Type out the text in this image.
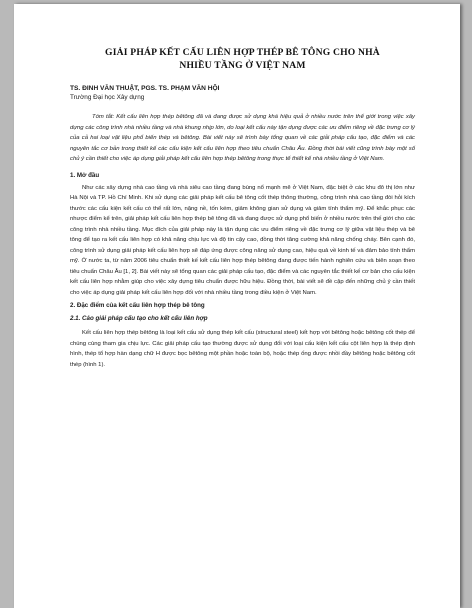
GIẢI PHÁP KẾT CẤU LIÊN HỢP THÉP BÊ TÔNG CHO NHÀ
NHIỀU TẦNG Ở VIỆT NAM

TS. ĐINH VĂN THUẬT, PGS. TS. PHẠM VĂN HỘI

Trường Đại học Xây dựng

Tóm tắt: Kết cấu liên hợp thép bêtông đã và đang được sử dụng khá hiệu quả ở nhiều nước trên thế giới trong việc xây dựng các công trình nhà nhiều tầng và nhà khung nhịp lớn, do loại kết cấu này tận dụng được các ưu điểm riêng về đặc trưng cơ lý của cả hai loại vật liệu phổ biến thép và bêtông. Bài viết này sẽ trình bày tổng quan về các giải pháp cấu tạo, đặc điểm và các nguyên tắc cơ bản trong thiết kế các cấu kiện kết cấu liên hợp theo tiêu chuẩn Châu Âu. Đồng thời bài viết cũng trình bày một số chủ ý cần thiết cho việc áp dụng giải pháp kết cấu liên hợp thép bêtông trong thực tế thiết kế nhà nhiều tầng ở Việt Nam.

1. Mở đầu

Như các xây dựng nhà cao tầng và nhà siêu cao tầng đang bùng nổ mạnh mẽ ở Việt Nam, đặc biệt ở các khu đô thị lớn như Hà Nội và TP. Hồ Chí Minh. Khi sử dụng các giải pháp kết cấu bê tông cốt thép thông thường, công trình nhà cao tầng đòi hỏi kích thước các cấu kiện kết cấu có thể rất lớn, nặng nề, tốn kém, giảm không gian sử dụng và giảm tính thẩm mỹ. Để khắc phục các nhược điểm kể trên, giải pháp kết cấu liên hợp thép bê tông đã và đang được sử dụng phổ biến ở nhiều nước trên thế giới cho các công trình nhà nhiều tầng. Mục đích của giải pháp này là tận dụng các ưu điểm riêng về đặc trưng cơ lý giữa vật liệu thép và bê tông để tạo ra kết cấu liên hợp có khả năng chịu lực và độ tin cậy cao, đồng thời tăng cường khả năng chống cháy. Bên cạnh đó, công trình sử dụng giải pháp kết cấu liên hợp sẽ đáp ứng được công năng sử dụng cao, hiệu quả về kinh tế và đảm bảo tính thẩm mỹ. Ở nước ta, từ năm 2006 tiêu chuẩn thiết kế kết cấu liên hợp thép bêtông đang được tiến hành nghiên cứu và biên soạn theo tiêu chuẩn Châu Âu [1, 2]. Bài viết này sẽ tổng quan các giải pháp cấu tạo, đặc điểm và các nguyên tắc thiết kế cơ bản cho cấu kiện kết cấu liên hợp nhằm giúp cho việc xây dựng tiêu chuẩn được hữu hiệu. Đồng thời, bài viết sẽ đề cập đến những chủ ý cần thiết cho việc áp dụng giải pháp kết cấu liên hợp đối với nhà nhiều tầng trong điều kiện ở Việt Nam.

2. Đặc điểm của kết cấu liên hợp thép bê tông

2.1. Cảo giải pháp cấu tạo cho kết cấu liên hợp

Kết cấu liên hợp thép bêtông là loại kết cấu sử dụng thép kết cấu (structural steel) kết hợp với bêtông hoặc bêtông cốt thép để chúng cùng tham gia chịu lực. Các giải pháp cấu tạo thường được sử dụng đối với loại cấu kiện kết cấu cột liên hợp là thép định hình, thép tổ hợp hàn dạng chữ H được bọc bêtông một phần hoặc toàn bộ, hoặc thép ống được nhồi đầy bêtông hoặc bêtông cốt thép (hình 1).
